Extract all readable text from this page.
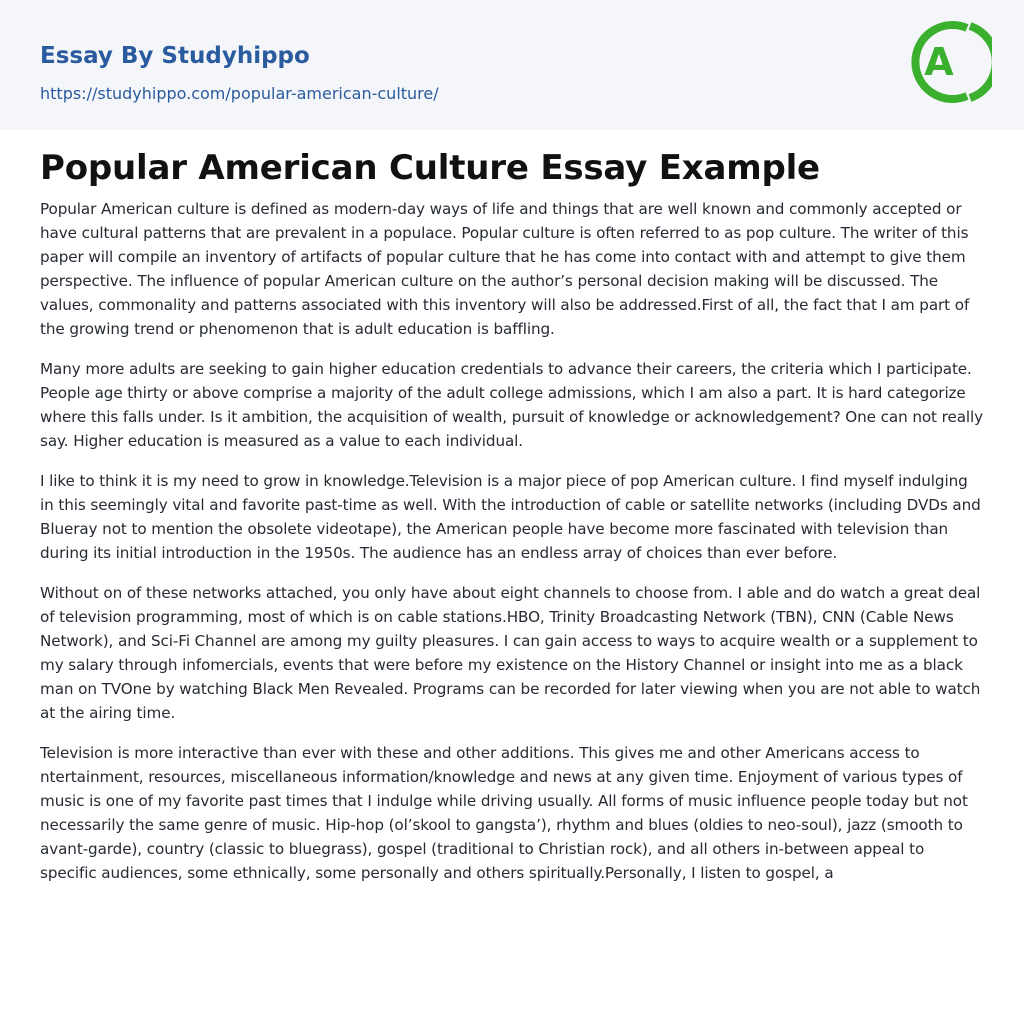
Essay By Studyhippo
https://studyhippo.com/popular-american-culture/
A
Popular American Culture Essay Example

Popular American culture is defined as modern-day ways of life and things that are well known and commonly accepted or have cultural patterns that are prevalent in a populace. Popular culture is often referred to as pop culture. The writer of this paper will compile an inventory of artifacts of popular culture that he has come into contact with and attempt to give them perspective. The influence of popular American culture on the author’s personal decision making will be discussed. The values, commonality and patterns associated with this inventory will also be addressed.First of all, the fact that I am part of the growing trend or phenomenon that is adult education is baffling.

Many more adults are seeking to gain higher education credentials to advance their careers, the criteria which I participate. People age thirty or above comprise a majority of the adult college admissions, which I am also a part. It is hard categorize where this falls under. Is it ambition, the acquisition of wealth, pursuit of knowledge or acknowledgement? One can not really say. Higher education is measured as a value to each individual.

I like to think it is my need to grow in knowledge.Television is a major piece of pop American culture. I find myself indulging in this seemingly vital and favorite past-time as well. With the introduction of cable or satellite networks (including DVDs and Blueray not to mention the obsolete videotape), the American people have become more fascinated with television than during its initial introduction in the 1950s. The audience has an endless array of choices than ever before.

Without on of these networks attached, you only have about eight channels to choose from. I able and do watch a great deal of television programming, most of which is on cable stations.HBO, Trinity Broadcasting Network (TBN), CNN (Cable News Network), and Sci-Fi Channel are among my guilty pleasures. I can gain access to ways to acquire wealth or a supplement to my salary through infomercials, events that were before my existence on the History Channel or insight into me as a black man on TVOne by watching Black Men Revealed. Programs can be recorded for later viewing when you are not able to watch at the airing time.

Television is more interactive than ever with these and other additions. This gives me and other Americans access to ntertainment, resources, miscellaneous information/knowledge and news at any given time. Enjoyment of various types of music is one of my favorite past times that I indulge while driving usually. All forms of music influence people today but not necessarily the same genre of music. Hip-hop (ol’skool to gangsta’), rhythm and blues (oldies to neo-soul), jazz (smooth to avant-garde), country (classic to bluegrass), gospel (traditional to Christian rock), and all others in-between appeal to specific audiences, some ethnically, some personally and others spiritually.Personally, I listen to gospel, a
